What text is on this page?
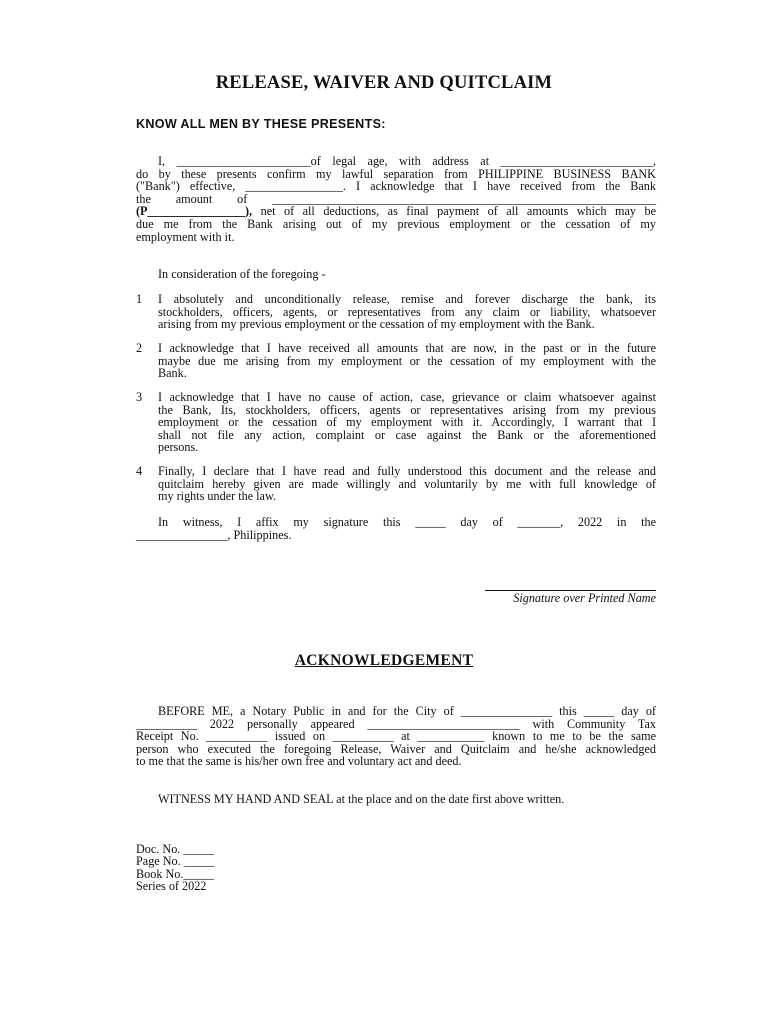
RELEASE, WAIVER AND QUITCLAIM
KNOW ALL MEN BY THESE PRESENTS:
I, ______________________of legal age, with address at _________________________,
do by these presents confirm my lawful separation from PHILIPPINE BUSINESS BANK
("Bank") effective, ________________. I acknowledge that I have received from the Bank
the amount of _______________________________________________________________
(P________________), net of all deductions, as final payment of all amounts which may be
due me from the Bank arising out of my previous employment or the cessation of my
employment with it.
In consideration of the foregoing -
1 I absolutely and unconditionally release, remise and forever discharge the bank, its
stockholders, officers, agents, or representatives from any claim or liability, whatsoever
arising from my previous employment or the cessation of my employment with the Bank.
2 I acknowledge that I have received all amounts that are now, in the past or in the future
maybe due me arising from my employment or the cessation of my employment with the
Bank.
3 I acknowledge that I have no cause of action, case, grievance or claim whatsoever against
the Bank, Its, stockholders, officers, agents or representatives arising from my previous
employment or the cessation of my employment with it. Accordingly, I warrant that I
shall not file any action, complaint or case against the Bank or the aforementioned
persons.
4 Finally, I declare that I have read and fully understood this document and the release and
quitclaim hereby given are made willingly and voluntarily by me with full knowledge of
my rights under the law.
In witness, I affix my signature this _____ day of _______, 2022 in the
_______________, Philippines.
Signature over Printed Name
ACKNOWLEDGEMENT
BEFORE ME, a Notary Public in and for the City of _______________ this _____ day of
__________ 2022 personally appeared _________________________ with Community Tax
Receipt No. __________ issued on __________ at ___________ known to me to be the same
person who executed the foregoing Release, Waiver and Quitclaim and he/she acknowledged
to me that the same is his/her own free and voluntary act and deed.
WITNESS MY HAND AND SEAL at the place and on the date first above written.
Doc. No. _____
Page No. _____
Book No._____
Series of 2022
